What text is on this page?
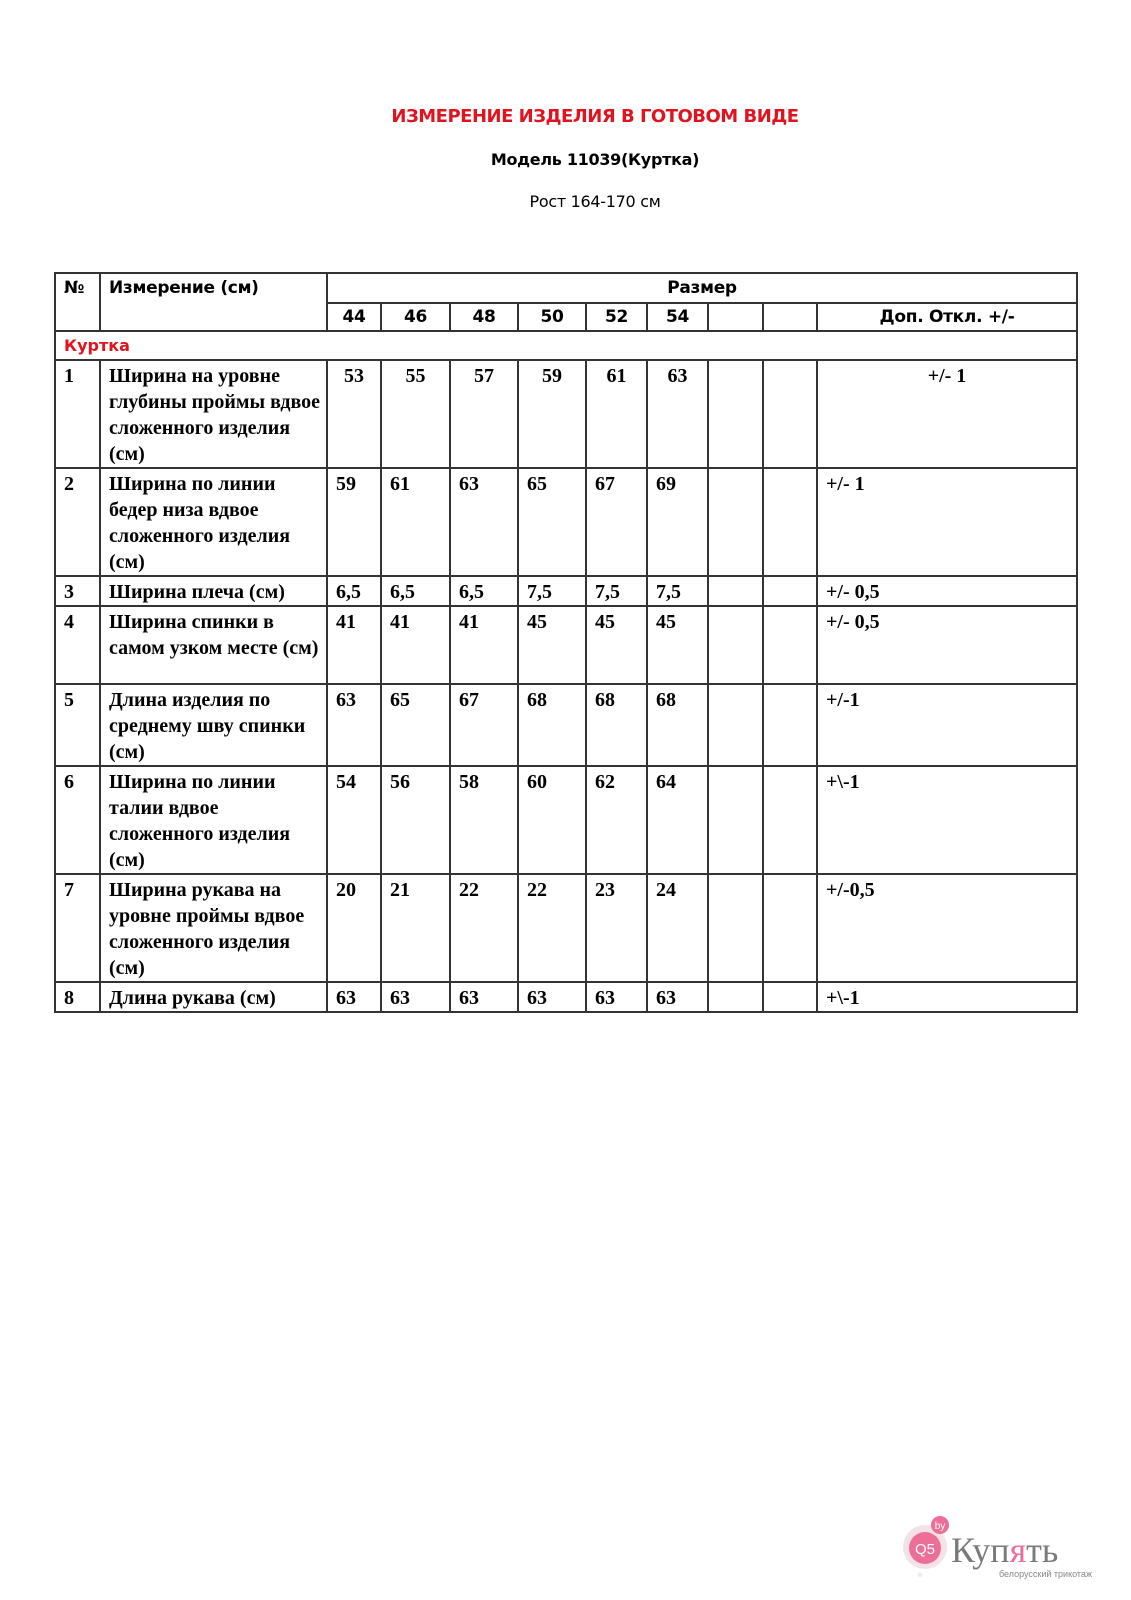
ИЗМЕРЕНИЕ ИЗДЕЛИЯ В ГОТОВОМ ВИДЕ
Модель 11039(Куртка)
Рост 164-170 см
№	Измерение (см)	Размер								
		44	46	48	50	52	54			Доп. Откл. +/-
Куртка										
1	Ширина на уровне глубины проймы вдвое сложенного изделия (см)	53	55	57	59	61	63			+/- 1
2	Ширина по линии бедер низа вдвое сложенного изделия (см)	59	61	63	65	67	69			+/- 1
3	Ширина плеча (см)	6,5	6,5	6,5	7,5	7,5	7,5			+/- 0,5
4	Ширина спинки в самом узком месте (см)	41	41	41	45	45	45			+/- 0,5
5	Длина изделия по среднему шву спинки (см)	63	65	67	68	68	68			+/-1
6	Ширина по линии талии вдвое сложенного изделия (см)	54	56	58	60	62	64			+\-1
7	Ширина рукава на уровне проймы вдвое сложенного изделия (см)	20	21	22	22	23	24			+/-0,5
8	Длина рукава (см)	63	63	63	63	63	63			+\-1
Q5
by
Купять
белорусский трикотаж
